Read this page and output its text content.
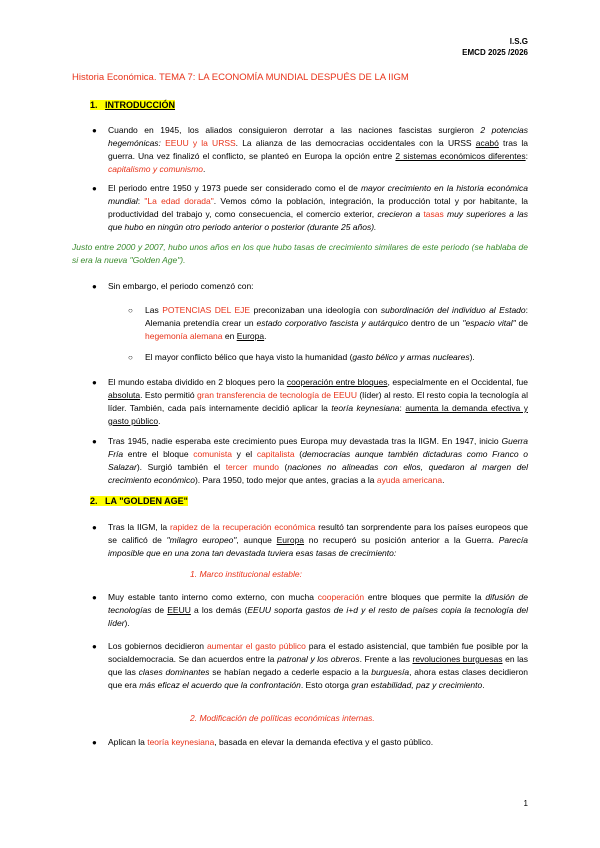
I.S.G
EMCD 2025 /2026
Historia Económica. TEMA 7: LA ECONOMÍA MUNDIAL DESPUÉS DE LA IIGM
1. INTRODUCCIÓN
● Cuando en 1945, los aliados consiguieron derrotar a las naciones fascistas surgieron 2 potencias hegemónicas: EEUU y la URSS. La alianza de las democracias occidentales con la URSS acabó tras la guerra. Una vez finalizó el conflicto, se planteó en Europa la opción entre 2 sistemas económicos diferentes: capitalismo y comunismo.
● El periodo entre 1950 y 1973 puede ser considerado como el de mayor crecimiento en la historia económica mundial: "La edad dorada". Vemos cómo la población, integración, la producción total y por habitante, la productividad del trabajo y, como consecuencia, el comercio exterior, crecieron a tasas muy superiores a las que hubo en ningún otro periodo anterior o posterior (durante 25 años).
Justo entre 2000 y 2007, hubo unos años en los que hubo tasas de crecimiento similares de este periodo (se hablaba de si era la nueva "Golden Age").
● Sin embargo, el periodo comenzó con:
○ Las POTENCIAS DEL EJE preconizaban una ideología con subordinación del individuo al Estado: Alemania pretendía crear un estado corporativo fascista y autárquico dentro de un "espacio vital" de hegemonía alemana en Europa.
○ El mayor conflicto bélico que haya visto la humanidad (gasto bélico y armas nucleares).
● El mundo estaba dividido en 2 bloques pero la cooperación entre bloques, especialmente en el Occidental, fue absoluta. Esto permitió gran transferencia de tecnología de EEUU (líder) al resto. El resto copia la tecnología al líder. También, cada país internamente decidió aplicar la teoría keynesiana: aumenta la demanda efectiva y gasto público.
● Tras 1945, nadie esperaba este crecimiento pues Europa muy devastada tras la IIGM. En 1947, inicio Guerra Fría entre el bloque comunista y el capitalista (democracias aunque también dictaduras como Franco o Salazar). Surgió también el tercer mundo (naciones no alineadas con ellos, quedaron al margen del crecimiento económico). Para 1950, todo mejor que antes, gracias a la ayuda americana.
2. LA "GOLDEN AGE"
● Tras la IIGM, la rapidez de la recuperación económica resultó tan sorprendente para los países europeos que se calificó de "milagro europeo", aunque Europa no recuperó su posición anterior a la Guerra. Parecía imposible que en una zona tan devastada tuviera esas tasas de crecimiento:
1. Marco institucional estable:
● Muy estable tanto interno como externo, con mucha cooperación entre bloques que permite la difusión de tecnologías de EEUU a los demás (EEUU soporta gastos de i+d y el resto de países copia la tecnología del líder).
● Los gobiernos decidieron aumentar el gasto público para el estado asistencial, que también fue posible por la socialdemocracia. Se dan acuerdos entre la patronal y los obreros. Frente a las revoluciones burguesas en las que las clases dominantes se habían negado a cederle espacio a la burguesía, ahora estas clases decidieron que era más eficaz el acuerdo que la confrontación. Esto otorga gran estabilidad, paz y crecimiento.
2. Modificación de políticas económicas internas.
● Aplican la teoría keynesiana, basada en elevar la demanda efectiva y el gasto público.
1
